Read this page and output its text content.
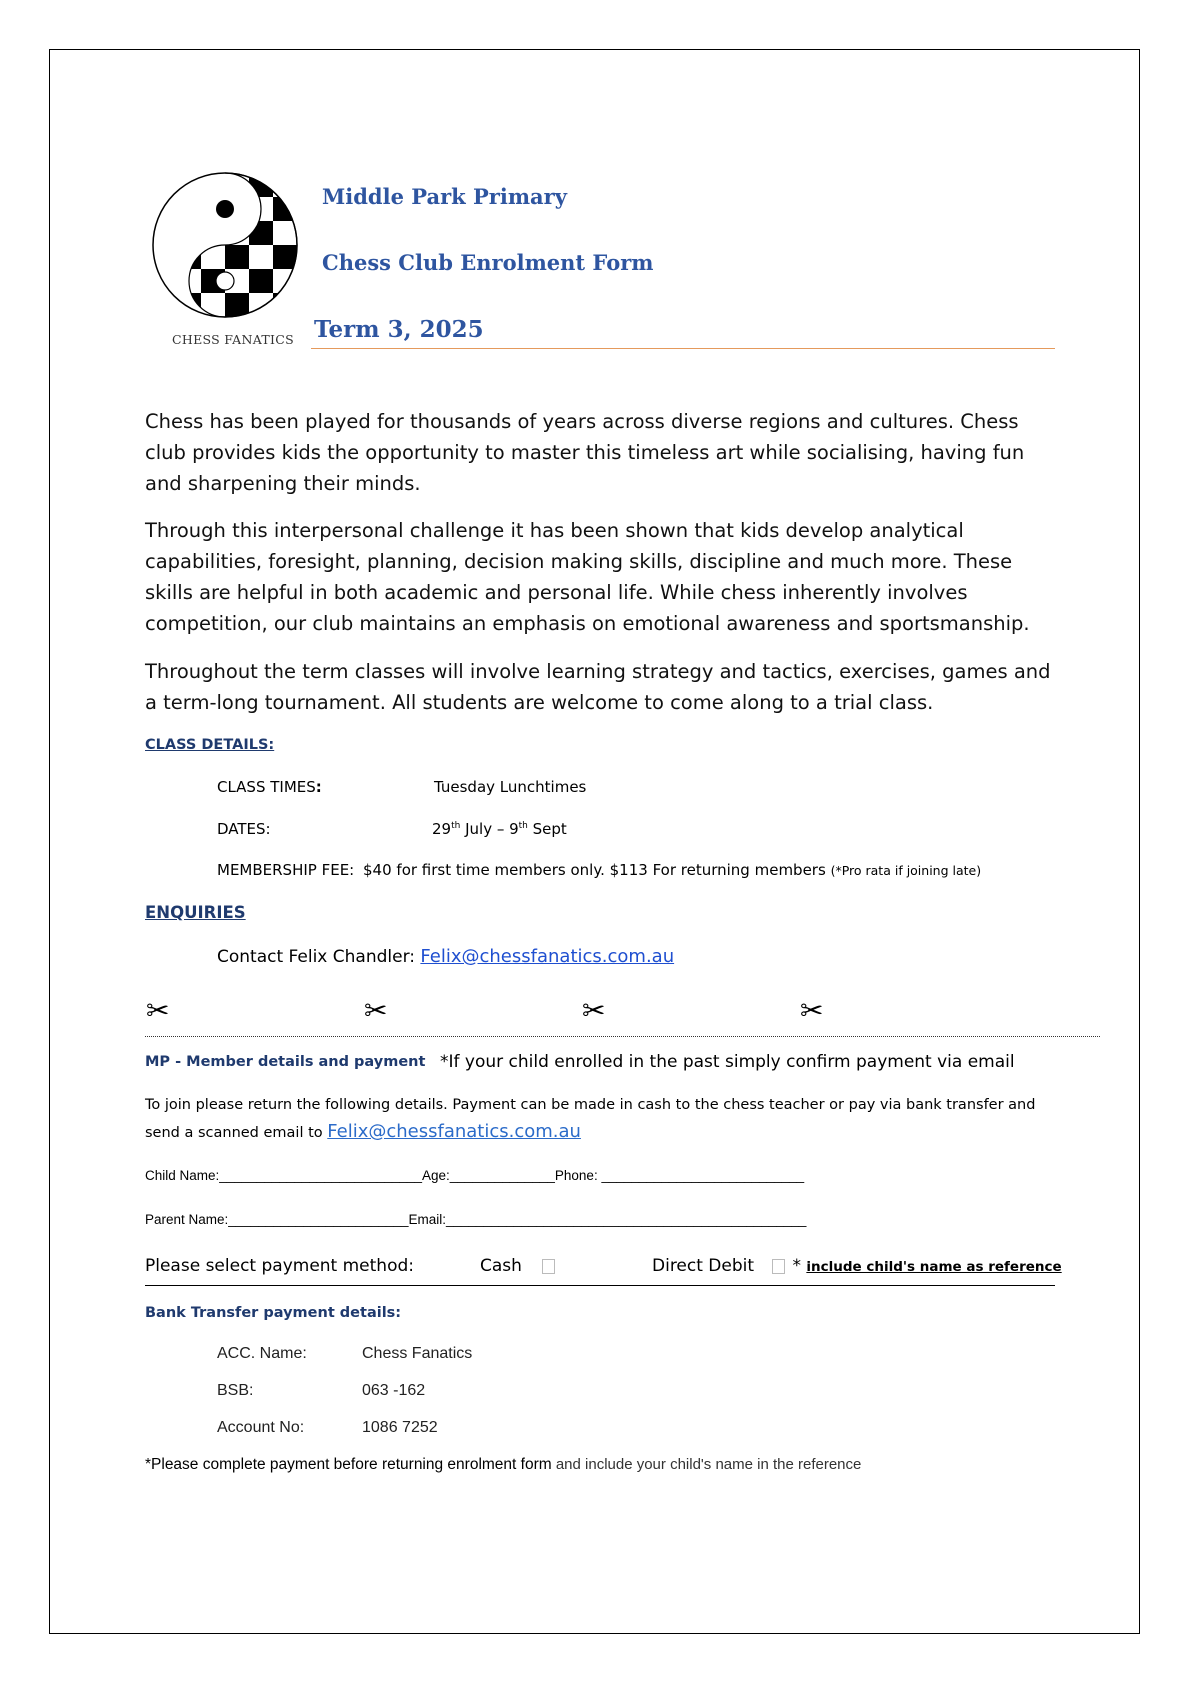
CHESS FANATICS
Middle Park Primary
Chess Club Enrolment Form
Term 3, 2025
Chess has been played for thousands of years across diverse regions and cultures. Chess club provides kids the opportunity to master this timeless art while socialising, having fun and sharpening their minds.
Through this interpersonal challenge it has been shown that kids develop analytical capabilities, foresight, planning, decision making skills, discipline and much more. These skills are helpful in both academic and personal life. While chess inherently involves competition, our club maintains an emphasis on emotional awareness and sportsmanship.
Throughout the term classes will involve learning strategy and tactics, exercises, games and a term-long tournament. All students are welcome to come along to a trial class.
CLASS DETAILS:
CLASS TIMES:	Tuesday Lunchtimes
DATES:	29th July – 9th Sept
MEMBERSHIP FEE: $40 for first time members only. $113 For returning members (*Pro rata if joining late)
ENQUIRIES
Contact Felix Chandler: Felix@chessfanatics.com.au
✂	✂	✂	✂
MP - Member details and payment *If your child enrolled in the past simply confirm payment via email
To join please return the following details. Payment can be made in cash to the chess teacher or pay via bank transfer and
send a scanned email to Felix@chessfanatics.com.au
Child Name:___________________________Age:______________Phone: ___________________________
Parent Name:________________________Email:________________________________________________
Please select payment method:	Cash	Direct Debit * include child's name as reference
Bank Transfer payment details:
ACC. Name:	Chess Fanatics
BSB:	063 -162
Account No:	1086 7252
*Please complete payment before returning enrolment form and include your child's name in the reference
